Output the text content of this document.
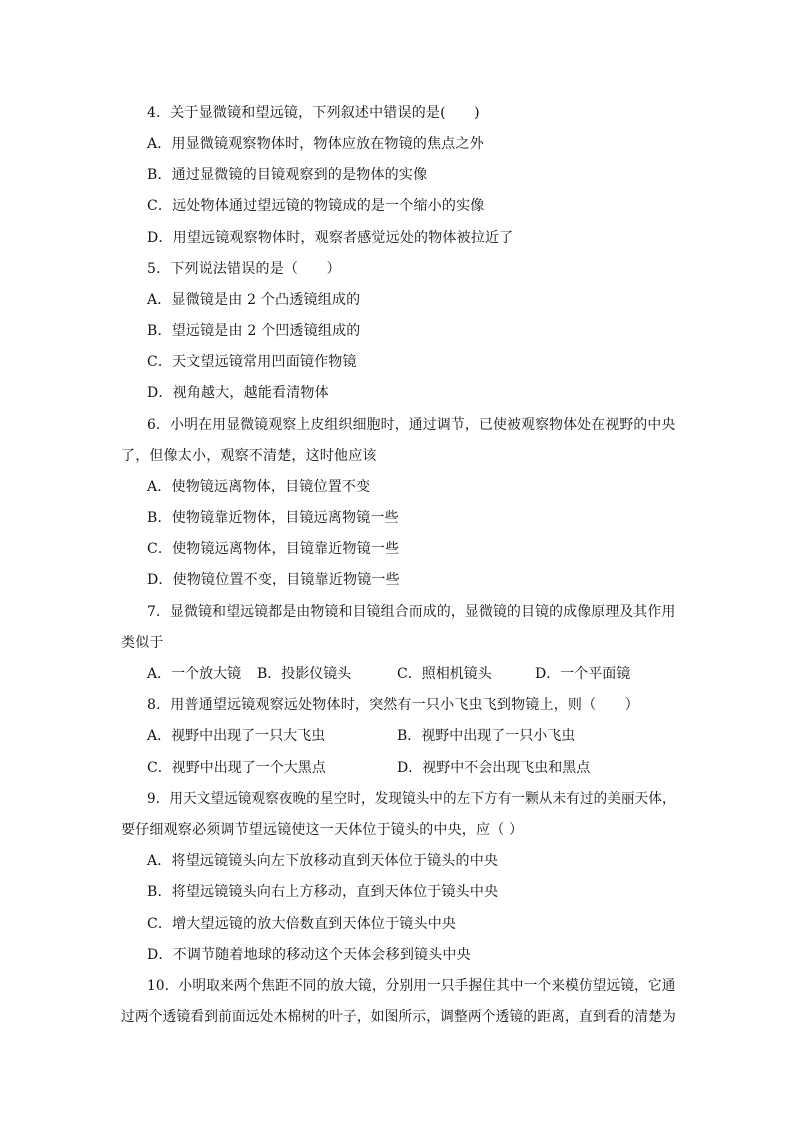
4．关于显微镜和望远镜，下列叙述中错误的是(　　)
A．用显微镜观察物体时，物体应放在物镜的焦点之外
B．通过显微镜的目镜观察到的是物体的实像
C．远处物体通过望远镜的物镜成的是一个缩小的实像
D．用望远镜观察物体时，观察者感觉远处的物体被拉近了
5．下列说法错误的是（　　）
A．显微镜是由 2 个凸透镜组成的
B．望远镜是由 2 个凹透镜组成的
C．天文望远镜常用凹面镜作物镜
D．视角越大，越能看清物体
6．小明在用显微镜观察上皮组织细胞时，通过调节，已使被观察物体处在视野的中央
了，但像太小，观察不清楚，这时他应该
A．使物镜远离物体，目镜位置不变
B．使物镜靠近物体，目镜远离物镜一些
C．使物镜远离物体，目镜靠近物镜一些
D．使物镜位置不变，目镜靠近物镜一些
7．显微镜和望远镜都是由物镜和目镜组合而成的，显微镜的目镜的成像原理及其作用
类似于
A．一个放大镜 B．投影仪镜头	C．照相机镜头	D．一个平面镜
8．用普通望远镜观察远处物体时，突然有一只小飞虫飞到物镜上，则（　　）
A．视野中出现了一只大飞虫	B．视野中出现了一只小飞虫
C．视野中出现了一个大黑点	D．视野中不会出现飞虫和黑点
9．用天文望远镜观察夜晚的星空时，发现镜头中的左下方有一颗从未有过的美丽天体，
要仔细观察必须调节望远镜使这一天体位于镜头的中央，应（ ）
A．将望远镜镜头向左下放移动直到天体位于镜头的中央
B．将望远镜镜头向右上方移动，直到天体位于镜头中央
C．增大望远镜的放大倍数直到天体位于镜头中央
D．不调节随着地球的移动这个天体会移到镜头中央
10．小明取来两个焦距不同的放大镜，分别用一只手握住其中一个来模仿望远镜，它通
过两个透镜看到前面远处木棉树的叶子，如图所示，调整两个透镜的距离，直到看的清楚为
